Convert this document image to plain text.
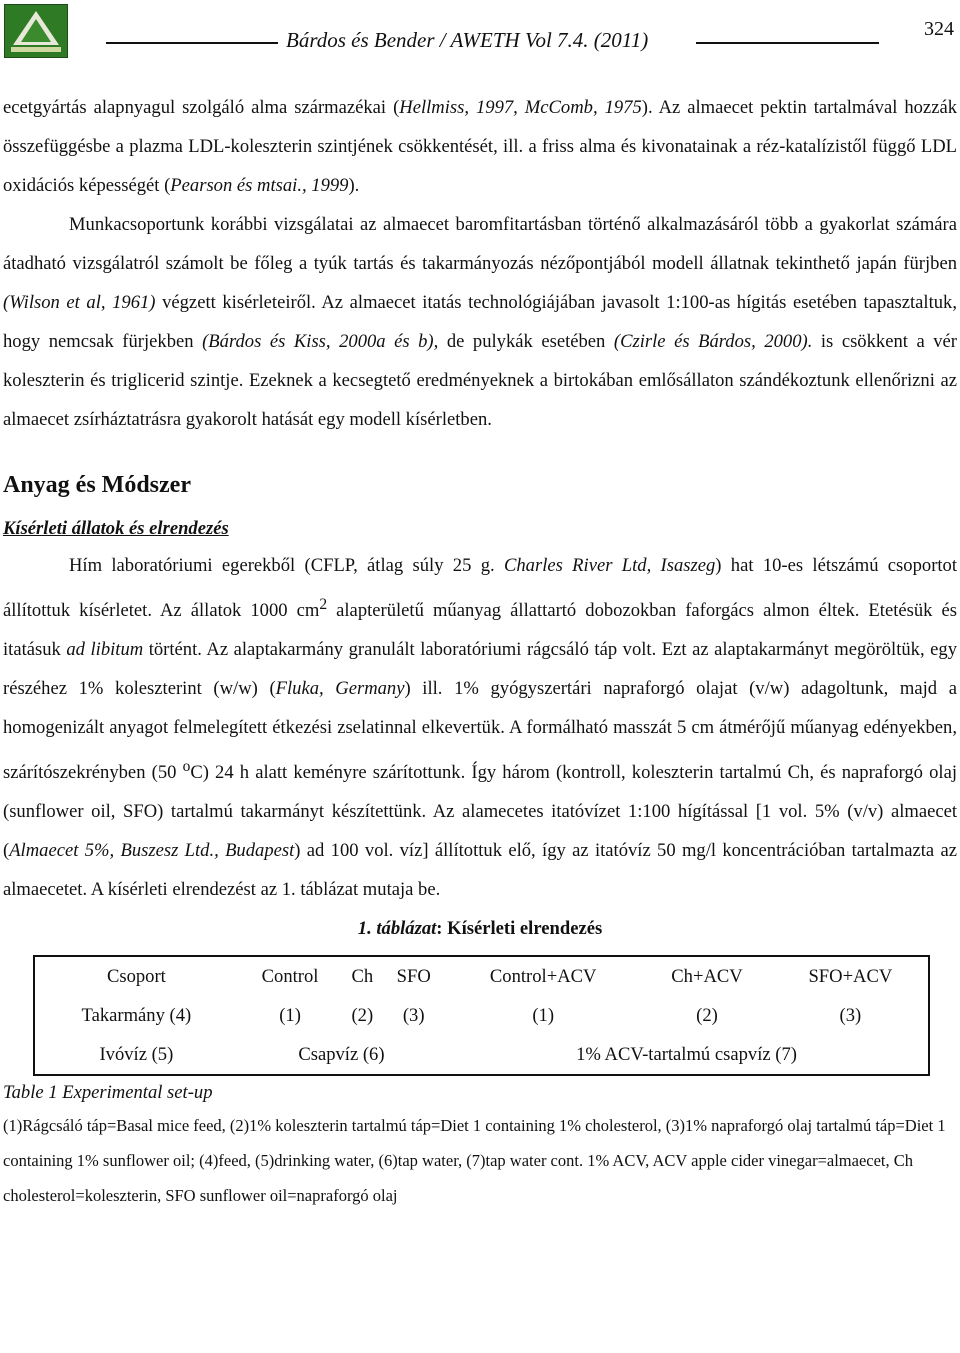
Bárdos és Bender / AWETH Vol 7.4. (2011)	324

ecetgyártás alapnyagul szolgáló alma származékai (Hellmiss, 1997, McComb, 1975). Az almaecet pektin tartalmával hozzák összefüggésbe a plazma LDL-koleszterin szintjének csökkentését, ill. a friss alma és kivonatainak a réz-katalízistől függő LDL oxidációs képességét (Pearson és mtsai., 1999).

Munkacsoportunk korábbi vizsgálatai az almaecet baromfitartásban történő alkalmazásáról több a gyakorlat számára átadható vizsgálatról számolt be főleg a tyúk tartás és takarmányozás nézőpontjából modell állatnak tekinthető japán fürjben (Wilson et al, 1961) végzett kisérleteiről. Az almaecet itatás technológiájában javasolt 1:100-as hígitás esetében tapasztaltuk, hogy nemcsak fürjekben (Bárdos és Kiss, 2000a és b), de pulykák esetében (Czirle és Bárdos, 2000). is csökkent a vér koleszterin és triglicerid szintje. Ezeknek a kecsegtető eredményeknek a birtokában emlősállaton szándékoztunk ellenőrizni az almaecet zsírháztatrásra gyakorolt hatását egy modell kísérletben.

Anyag és Módszer
Kísérleti állatok és elrendezés

Hím laboratóriumi egerekből (CFLP, átlag súly 25 g. Charles River Ltd, Isaszeg) hat 10-es létszámú csoportot állítottuk kísérletet. Az állatok 1000 $cm^2$ alapterületű műanyag állattartó dobozokban faforgács almon éltek. Etetésük és itatásuk ad libitum történt. Az alaptakarmány granulált laboratóriumi rágcsáló táp volt. Ezt az alaptakarmányt megöröltük, egy részéhez 1% koleszterint (w/w) (Fluka, Germany) ill. 1% gyógyszertári napraforgó olajat (v/w) adagoltunk, majd a homogenizált anyagot felmelegített étkezési zselatinnal elkevertük. A formálható masszát 5 cm átmérőjű műanyag edényekben, szárítószekrényben (50 $^o$C) 24 h alatt keményre szárítottunk. Így három (kontroll, koleszterin tartalmú Ch, és napraforgó olaj (sunflower oil, SFO) tartalmú takarmányt készítettünk. Az alamecetes itatóvízet 1:100 hígítással [1 vol. 5% (v/v) almaecet (Almaecet 5%, Buszesz Ltd., Budapest) ad 100 vol. víz] állítottuk elő, így az itatóvíz 50 mg/l koncentrációban tartalmazta az almaecetet. A kísérleti elrendezést az 1. táblázat mutaja be.

1. táblázat: Kísérleti elrendezés
Csoport	Control	Ch	SFO	Control+ACV	Ch+ACV	SFO+ACV
Takarmány (4)	(1)	(2)	(3)	(1)	(2)	(3)
Ivóvíz (5)	Csapvíz (6)			1% ACV-tartalmú csapvíz (7)		
Table 1 Experimental set-up

(1)Rágcsáló táp=Basal mice feed, (2)1% koleszterin tartalmú táp=Diet 1 containing 1% cholesterol, (3)1% napraforgó olaj tartalmú táp=Diet 1 containing 1% sunflower oil; (4)feed, (5)drinking water, (6)tap water, (7)tap water cont. 1% ACV, ACV apple cider vinegar=almaecet, Ch cholesterol=koleszterin, SFO sunflower oil=napraforgó olaj
